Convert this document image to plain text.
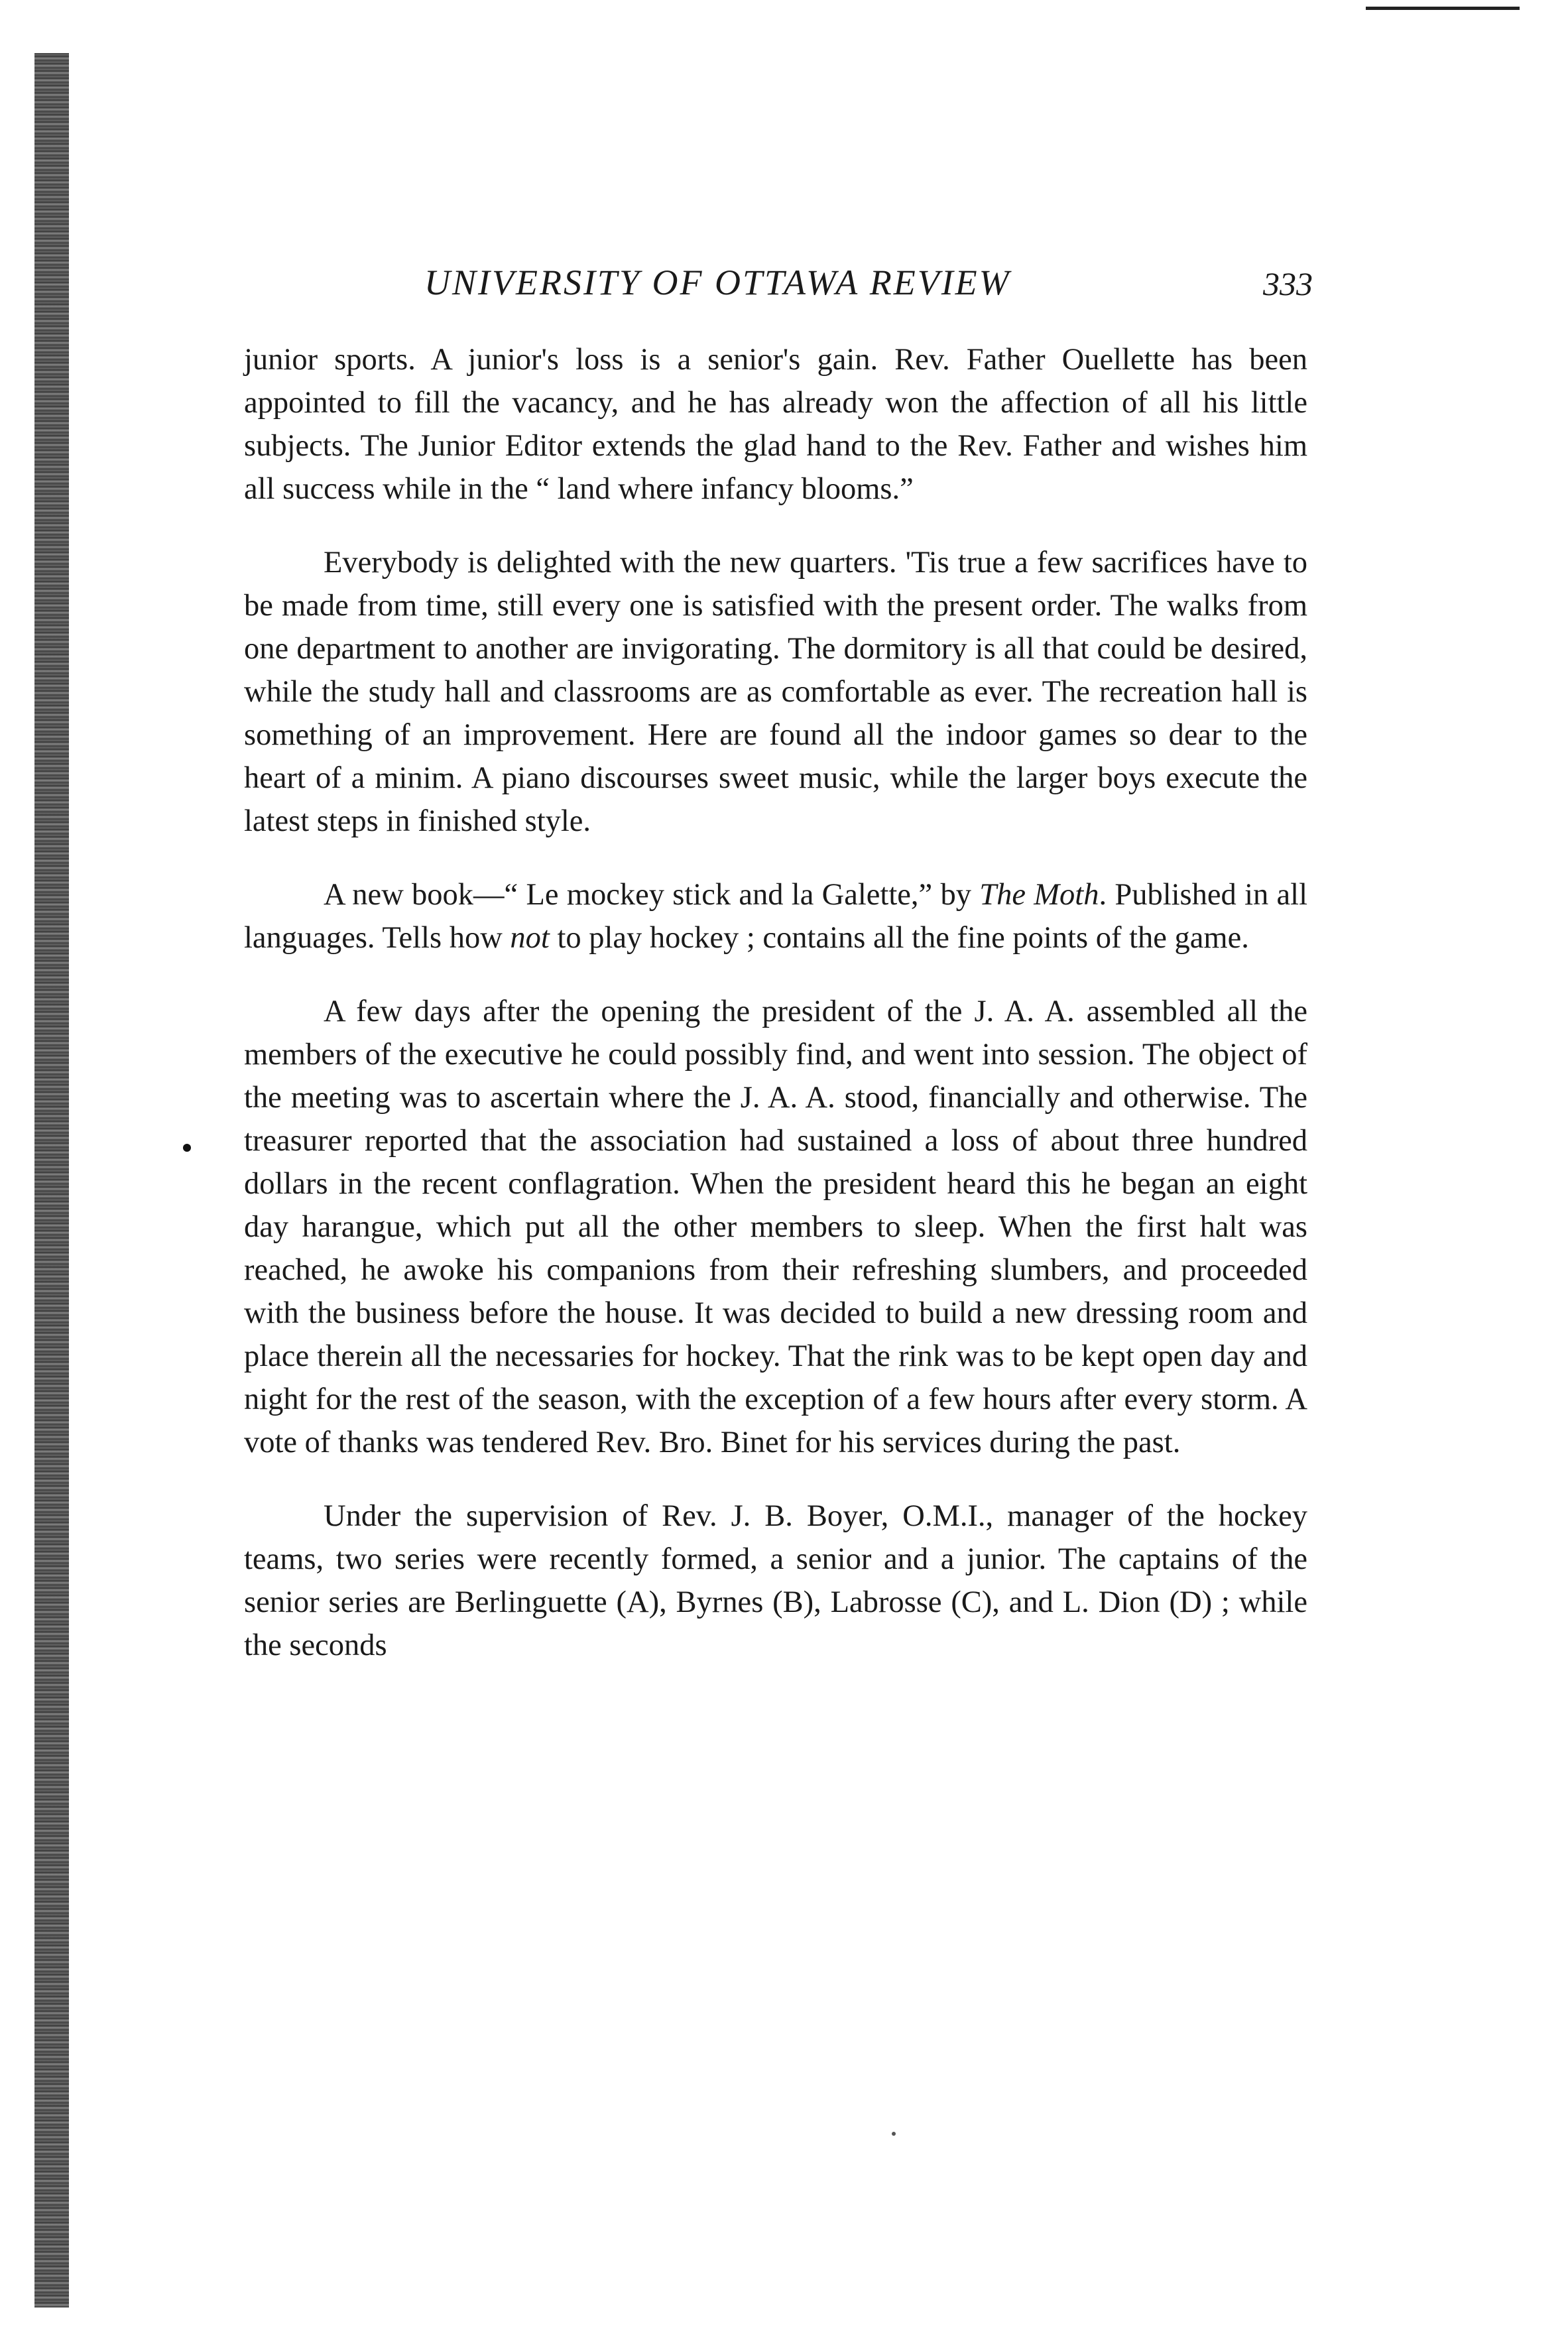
UNIVERSITY OF OTTAWA REVIEW	333

junior sports. A junior's loss is a senior's gain. Rev. Father Ouellette has been appointed to fill the vacancy, and he has already won the affection of all his little subjects. The Junior Editor extends the glad hand to the Rev. Father and wishes him all success while in the “ land where infancy blooms.”

Everybody is delighted with the new quarters. 'Tis true a few sacrifices have to be made from time, still every one is satisfied with the present order. The walks from one department to another are invigorating. The dormitory is all that could be desired, while the study hall and classrooms are as comfortable as ever. The recreation hall is something of an improvement. Here are found all the indoor games so dear to the heart of a minim. A piano discourses sweet music, while the larger boys execute the latest steps in finished style.

A new book—“ Le mockey stick and la Galette,” by The Moth. Published in all languages. Tells how not to play hockey ; contains all the fine points of the game.

A few days after the opening the president of the J. A. A. assembled all the members of the executive he could possibly find, and went into session. The object of the meeting was to ascertain where the J. A. A. stood, financially and otherwise. The treasurer reported that the association had sustained a loss of about three hundred dollars in the recent conflagration. When the president heard this he began an eight day harangue, which put all the other members to sleep. When the first halt was reached, he awoke his companions from their refreshing slumbers, and proceeded with the business before the house. It was decided to build a new dressing room and place therein all the necessaries for hockey. That the rink was to be kept open day and night for the rest of the season, with the exception of a few hours after every storm. A vote of thanks was tendered Rev. Bro. Binet for his services during the past.

Under the supervision of Rev. J. B. Boyer, O.M.I., manager of the hockey teams, two series were recently formed, a senior and a junior. The captains of the senior series are Berlinguette (A), Byrnes (B), Labrosse (C), and L. Dion (D) ; while the seconds
